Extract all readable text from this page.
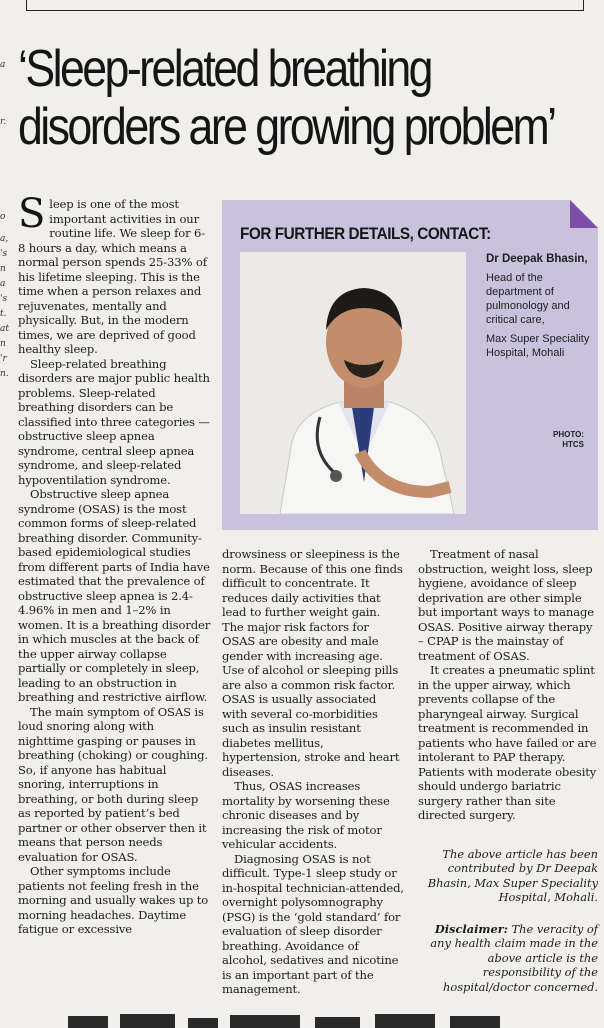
a
r.
o
a,
's
n
a
's
t.
at
n
'r
n.
‘Sleep-related breathing
disorders are growing problem’

Sleep is one of the most important activities in our routine life. We sleep for 6-8 hours a day, which means a normal person spends 25-33% of his lifetime sleeping. This is the time when a person relaxes and rejuvenates, mentally and physically. But, in the modern times, we are deprived of good healthy sleep.

Sleep-related breathing disorders are major public health problems. Sleep-related breathing disorders can be classified into three categories — obstructive sleep apnea syndrome, central sleep apnea syndrome, and sleep-related hypoventilation syndrome.

Obstructive sleep apnea syndrome (OSAS) is the most common forms of sleep-related breathing disorder. Community-based epidemiological studies from different parts of India have estimated that the prevalence of obstructive sleep apnea is 2.4-4.96% in men and 1–2% in women. It is a breathing disorder in which muscles at the back of the upper airway collapse partially or completely in sleep, leading to an obstruction in breathing and restrictive airflow.

The main symptom of OSAS is loud snoring along with nighttime gasping or pauses in breathing (choking) or coughing. So, if anyone has habitual snoring, interruptions in breathing, or both during sleep as reported by patient’s bed partner or other observer then it means that person needs evaluation for OSAS.

Other symptoms include patients not feeling fresh in the morning and usually wakes up to morning headaches. Daytime fatigue or excessive

FOR FURTHER DETAILS, CONTACT:
Dr Deepak Bhasin,
Head of the department of pulmonology and critical care,
Max Super Speciality Hospital, Mohali
PHOTO:
HTCS

drowsiness or sleepiness is the norm. Because of this one finds difficult to concentrate. It reduces daily activities that lead to further weight gain. The major risk factors for OSAS are obesity and male gender with increasing age. Use of alcohol or sleeping pills are also a common risk factor. OSAS is usually associated with several co-morbidities such as insulin resistant diabetes mellitus, hypertension, stroke and heart diseases.

Thus, OSAS increases mortality by worsening these chronic diseases and by increasing the risk of motor vehicular accidents.

Diagnosing OSAS is not difficult. Type-1 sleep study or in-hospital technician-attended, overnight polysomnography (PSG) is the ‘gold standard’ for evaluation of sleep disorder breathing. Avoidance of alcohol, sedatives and nicotine is an important part of the management.

Treatment of nasal obstruction, weight loss, sleep hygiene, avoidance of sleep deprivation are other simple but important ways to manage OSAS. Positive airway therapy – CPAP is the mainstay of treatment of OSAS.

It creates a pneumatic splint in the upper airway, which prevents collapse of the pharyngeal airway. Surgical treatment is recommended in patients who have failed or are intolerant to PAP therapy. Patients with moderate obesity should undergo bariatric surgery rather than site directed surgery.

The above article has been contributed by Dr Deepak Bhasin, Max Super Speciality Hospital, Mohali.
Disclaimer: The veracity of any health claim made in the above article is the responsibility of the hospital/doctor concerned.
